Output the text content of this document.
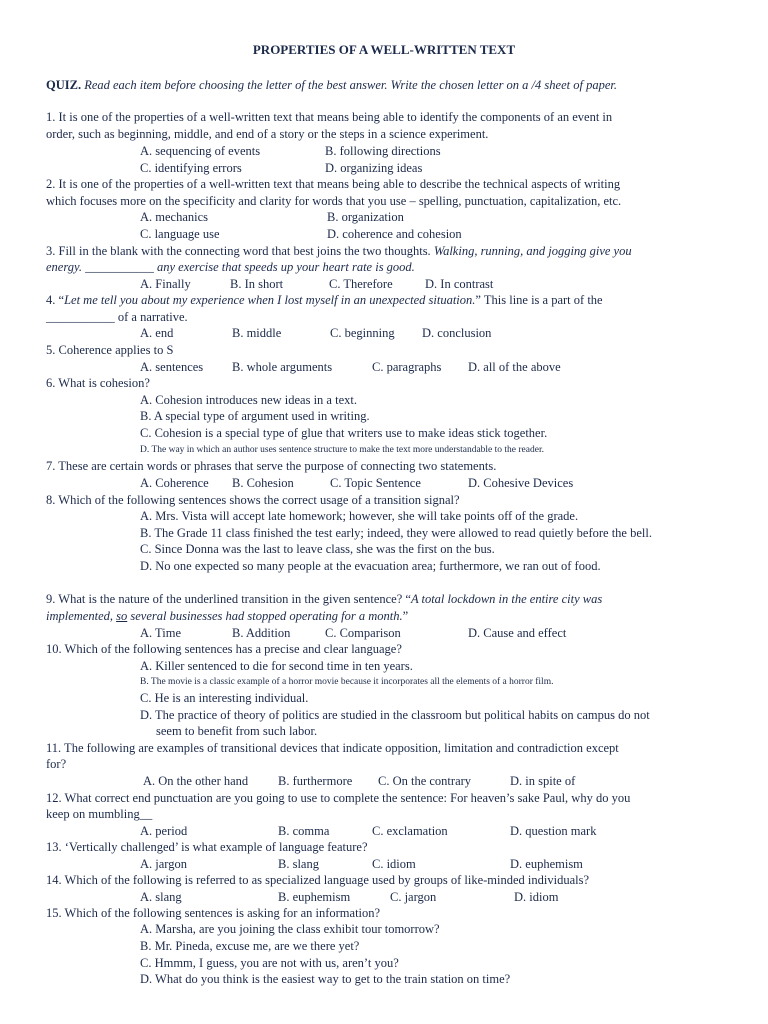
PROPERTIES OF A WELL-WRITTEN TEXT
QUIZ. Read each item before choosing the letter of the best answer. Write the chosen letter on a /4 sheet of paper.
1. It is one of the properties of a well-written text that means being able to identify the components of an event in
order, such as beginning, middle, and end of a story or the steps in a science experiment.
A. sequencing of events	B. following directions
C. identifying errors	D. organizing ideas
2. It is one of the properties of a well-written text that means being able to describe the technical aspects of writing
which focuses more on the specificity and clarity for words that you use – spelling, punctuation, capitalization, etc.
A. mechanics	B. organization
C. language use	D. coherence and cohesion
3. Fill in the blank with the connecting word that best joins the two thoughts. Walking, running, and jogging give you
energy. ___________ any exercise that speeds up your heart rate is good.
A. Finally	B. In short	C. Therefore	D. In contrast
4. “Let me tell you about my experience when I lost myself in an unexpected situation.” This line is a part of the
___________ of a narrative.
A. end	B. middle	C. beginning D. conclusion
5. Coherence applies to S
A. sentences B. whole arguments	C. paragraphs D. all of the above
6. What is cohesion?
A. Cohesion introduces new ideas in a text.
B. A special type of argument used in writing.
C. Cohesion is a special type of glue that writers use to make ideas stick together.
D. The way in which an author uses sentence structure to make the text more understandable to the reader.
7. These are certain words or phrases that serve the purpose of connecting two statements.
A. Coherence B. Cohesion	C. Topic Sentence	D. Cohesive Devices
8. Which of the following sentences shows the correct usage of a transition signal?
A. Mrs. Vista will accept late homework; however, she will take points off of the grade.
B. The Grade 11 class finished the test early; indeed, they were allowed to read quietly before the bell.
C. Since Donna was the last to leave class, she was the first on the bus.
D. No one expected so many people at the evacuation area; furthermore, we ran out of food.
9. What is the nature of the underlined transition in the given sentence? “A total lockdown in the entire city was
implemented, so several businesses had stopped operating for a month.”
A. Time	B. Addition	C. Comparison	D. Cause and effect
10. Which of the following sentences has a precise and clear language?
A. Killer sentenced to die for second time in ten years.
B. The movie is a classic example of a horror movie because it incorporates all the elements of a horror film.
C. He is an interesting individual.
D. The practice of theory of politics are studied in the classroom but political habits on campus do not
seem to benefit from such labor.
11. The following are examples of transitional devices that indicate opposition, limitation and contradiction except
for?
A. On the other hand B. furthermore C. On the contrary	D. in spite of
12. What correct end punctuation are you going to use to complete the sentence: For heaven’s sake Paul, why do you
keep on mumbling__
A. period	B. comma	C. exclamation	D. question mark
13. ‘Vertically challenged’ is what example of language feature?
A. jargon	B. slang	C. idiom	D. euphemism
14. Which of the following is referred to as specialized language used by groups of like-minded individuals?
A. slang	B. euphemism	C. jargon	D. idiom
15. Which of the following sentences is asking for an information?
A. Marsha, are you joining the class exhibit tour tomorrow?
B. Mr. Pineda, excuse me, are we there yet?
C. Hmmm, I guess, you are not with us, aren’t you?
D. What do you think is the easiest way to get to the train station on time?
